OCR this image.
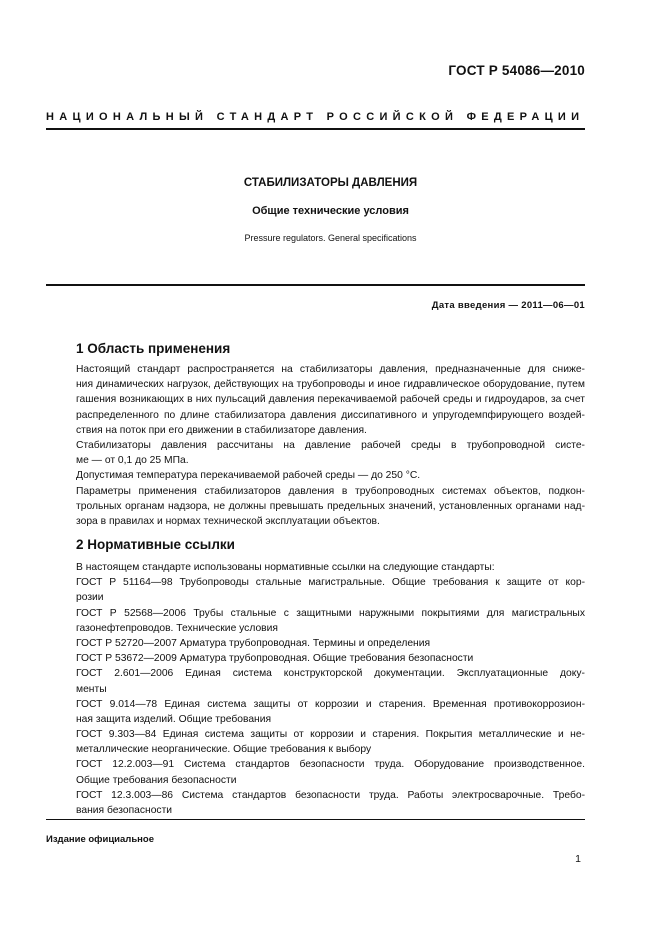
ГОСТ Р 54086—2010
НАЦИОНАЛЬНЫЙ СТАНДАРТ РОССИЙСКОЙ ФЕДЕРАЦИИ
СТАБИЛИЗАТОРЫ ДАВЛЕНИЯ
Общие технические условия
Pressure regulators. General specifications
Дата введения — 2011—06—01
1 Область применения
Настоящий стандарт распространяется на стабилизаторы давления, предназначенные для сниже-
ния динамических нагрузок, действующих на трубопроводы и иное гидравлическое оборудование, путем
гашения возникающих в них пульсаций давления перекачиваемой рабочей среды и гидроударов, за счет
распределенного по длине стабилизатора давления диссипативного и упругодемпфирующего воздей-
ствия на поток при его движении в стабилизаторе давления.
Стабилизаторы давления рассчитаны на давление рабочей среды в трубопроводной систе-
ме — от 0,1 до 25 МПа.
Допустимая температура перекачиваемой рабочей среды — до 250 °С.
Параметры применения стабилизаторов давления в трубопроводных системах объектов, подкон-
трольных органам надзора, не должны превышать предельных значений, установленных органами над-
зора в правилах и нормах технической эксплуатации объектов.
2 Нормативные ссылки
В настоящем стандарте использованы нормативные ссылки на следующие стандарты:
ГОСТ Р 51164—98 Трубопроводы стальные магистральные. Общие требования к защите от кор-
розии
ГОСТ Р 52568—2006 Трубы стальные с защитными наружными покрытиями для магистральных
газонефтепроводов. Технические условия
ГОСТ Р 52720—2007 Арматура трубопроводная. Термины и определения
ГОСТ Р 53672—2009 Арматура трубопроводная. Общие требования безопасности
ГОСТ 2.601—2006 Единая система конструкторской документации. Эксплуатационные доку-
менты
ГОСТ 9.014—78 Единая система защиты от коррозии и старения. Временная противокоррозион-
ная защита изделий. Общие требования
ГОСТ 9.303—84 Единая система защиты от коррозии и старения. Покрытия металлические и не-
металлические неорганические. Общие требования к выбору
ГОСТ 12.2.003—91 Система стандартов безопасности труда. Оборудование производственное.
Общие требования безопасности
ГОСТ 12.3.003—86 Система стандартов безопасности труда. Работы электросварочные. Требо-
вания безопасности
Издание официальное
1
